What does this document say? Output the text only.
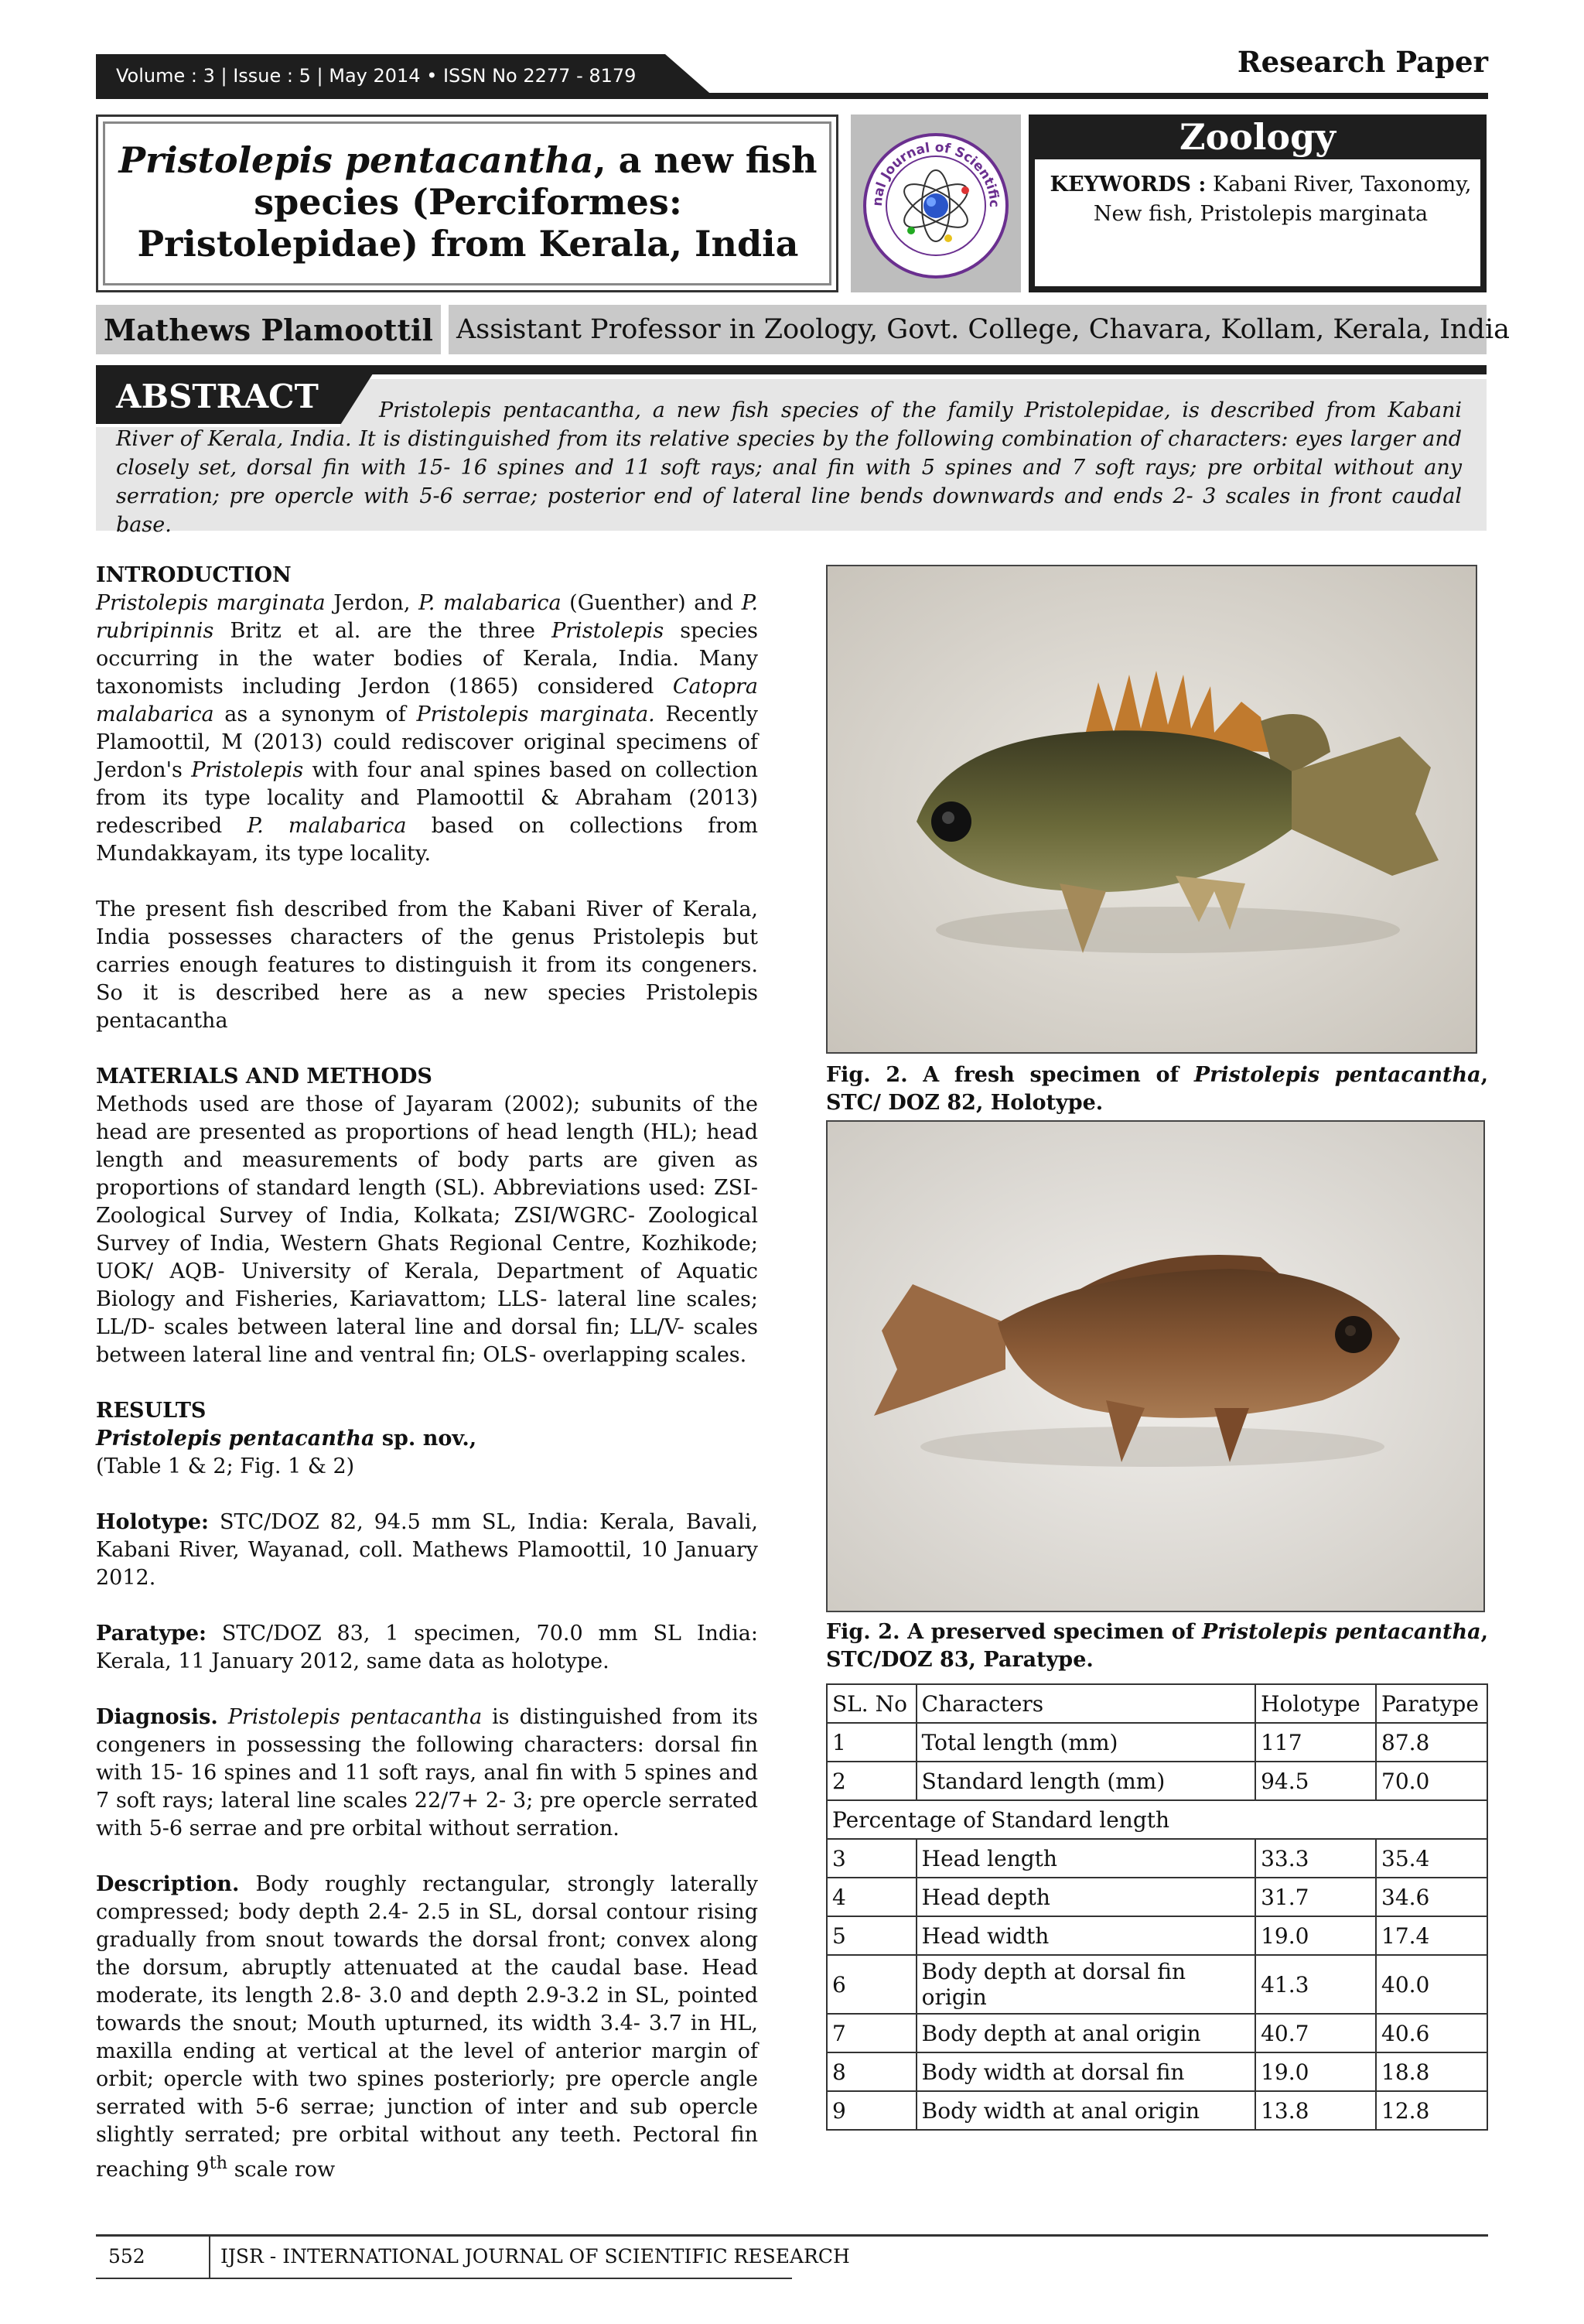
Volume : 3 | Issue : 5 | May 2014 • ISSN No 2277 - 8179	Research Paper
Pristolepis pentacantha, a new fish species (Perciformes: Pristolepidae) from Kerala, India
nal Journal of Scientific
Zoology
KEYWORDS : Kabani River, Taxonomy, New fish, Pristolepis marginata
Mathews Plamoottil Assistant Professor in Zoology, Govt. College, Chavara, Kollam, Kerala, India
ABSTRACT	Pristolepis pentacantha, a new fish species of the family Pristolepidae, is described from Kabani River of Kerala, India. It is distinguished from its relative species by the following combination of characters: eyes larger and closely set, dorsal fin with 15- 16 spines and 11 soft rays; anal fin with 5 spines and 7 soft rays; pre orbital without any serration; pre opercle with 5-6 serrae; posterior end of lateral line bends downwards and ends 2- 3 scales in front caudal base.

INTRODUCTION

Pristolepis marginata Jerdon, P. malabarica (Guenther) and P. rubripinnis Britz et al. are the three Pristolepis species occurring in the water bodies of Kerala, India. Many taxonomists including Jerdon (1865) considered Catopra malabarica as a synonym of Pristolepis marginata. Recently Plamoottil, M (2013) could rediscover original specimens of Jerdon's Pristolepis with four anal spines based on collection from its type locality and Plamoottil & Abraham (2013) redescribed P. malabarica based on collections from Mundakkayam, its type locality.

The present fish described from the Kabani River of Kerala, India possesses characters of the genus Pristolepis but carries enough features to distinguish it from its congeners. So it is described here as a new species Pristolepis pentacantha

MATERIALS AND METHODS

Methods used are those of Jayaram (2002); subunits of the head are presented as proportions of head length (HL); head length and measurements of body parts are given as proportions of standard length (SL). Abbreviations used: ZSI- Zoological Survey of India, Kolkata; ZSI/WGRC- Zoological Survey of India, Western Ghats Regional Centre, Kozhikode; UOK/ AQB- University of Kerala, Department of Aquatic Biology and Fisheries, Kariavattom; LLS- lateral line scales; LL/D- scales between lateral line and dorsal fin; LL/V- scales between lateral line and ventral fin; OLS- overlapping scales.

RESULTS

Pristolepis pentacantha sp. nov.,

(Table 1 & 2; Fig. 1 & 2)

Holotype: STC/DOZ 82, 94.5 mm SL, India: Kerala, Bavali, Kabani River, Wayanad, coll. Mathews Plamoottil, 10 January 2012.

Paratype: STC/DOZ 83, 1 specimen, 70.0 mm SL India: Kerala, 11 January 2012, same data as holotype.

Diagnosis. Pristolepis pentacantha is distinguished from its congeners in possessing the following characters: dorsal fin with 15- 16 spines and 11 soft rays, anal fin with 5 spines and 7 soft rays; lateral line scales 22/7+ 2- 3; pre opercle serrated with 5-6 serrae and pre orbital without serration.

Description. Body roughly rectangular, strongly laterally compressed; body depth 2.4- 2.5 in SL, dorsal contour rising gradually from snout towards the dorsal front; convex along the dorsum, abruptly attenuated at the caudal base. Head moderate, its length 2.8- 3.0 and depth 2.9-3.2 in SL, pointed towards the snout; Mouth upturned, its width 3.4- 3.7 in HL, maxilla ending at vertical at the level of anterior margin of orbit; opercle with two spines posteriorly; pre opercle angle serrated with 5-6 serrae; junction of inter and sub opercle slightly serrated; pre orbital without any teeth. Pectoral fin reaching 9th scale row

Fig. 2. A fresh specimen of Pristolepis pentacantha, STC/ DOZ 82, Holotype.
Fig. 2. A preserved specimen of Pristolepis pentacantha, STC/DOZ 83, Paratype.
SL. No	Characters	Holotype	Paratype
1	Total length (mm)	117	87.8
2	Standard length (mm)	94.5	70.0
Percentage of Standard length			
3	Head length	33.3	35.4
4	Head depth	31.7	34.6
5	Head width	19.0	17.4
6	Body depth at dorsal fin origin	41.3	40.0
7	Body depth at anal origin	40.7	40.6
8	Body width at dorsal fin	19.0	18.8
9	Body width at anal origin	13.8	12.8
552	IJSR - INTERNATIONAL JOURNAL OF SCIENTIFIC RESEARCH
